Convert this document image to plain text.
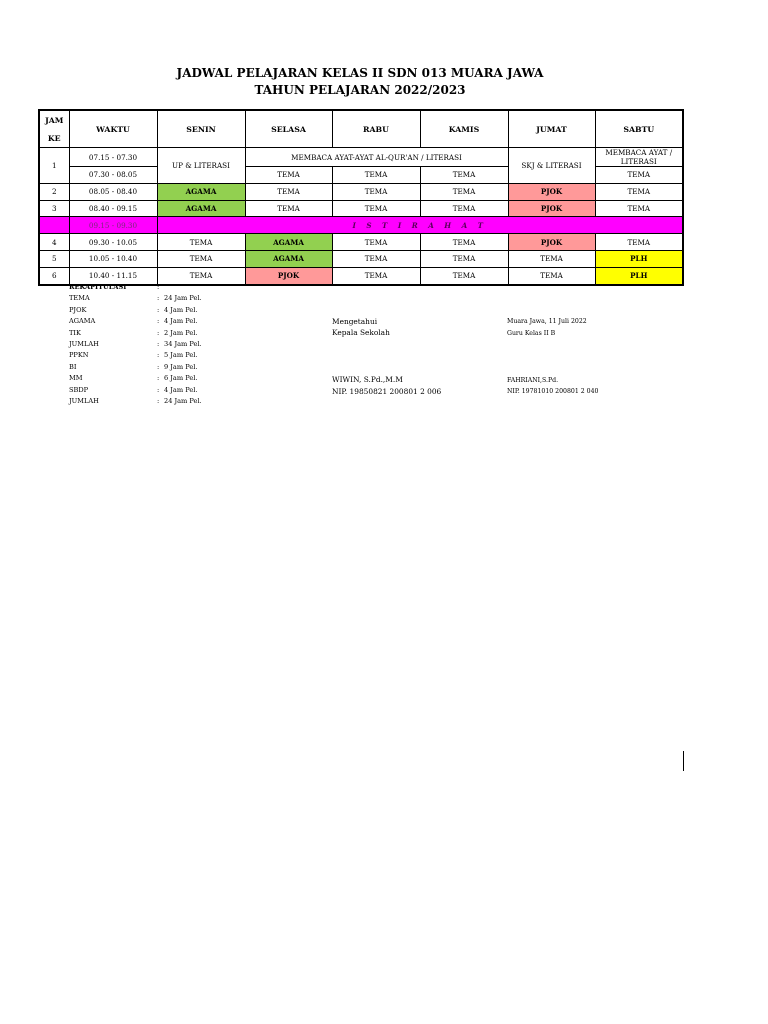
JADWAL PELAJARAN KELAS II SDN 013 MUARA JAWA
TAHUN PELAJARAN 2022/2023
JAM

KE	WAKTU	SENIN	SELASA	RABU	KAMIS	JUMAT	SABTU
1	07.15 - 07.30	UP & LITERASI	MEMBACA AYAT-AYAT AL-QUR'AN / LITERASI			SKJ & LITERASI	MEMBACA AYAT / LITERASI
	07.30 - 08.05		TEMA	TEMA	TEMA		TEMA
2	08.05 - 08.40	AGAMA	TEMA	TEMA	TEMA	PJOK	TEMA
3	08.40 - 09.15	AGAMA	TEMA	TEMA	TEMA	PJOK	TEMA
	09.15 - 09.30	I S T I R A H A T					
4	09.30 - 10.05	TEMA	AGAMA	TEMA	TEMA	PJOK	TEMA
5	10.05 - 10.40	TEMA	AGAMA	TEMA	TEMA	TEMA	PLH
6	10.40 - 11.15	TEMA	PJOK	TEMA	TEMA	TEMA	PLH
REKAPITULASI	:
TEMA	: 24 Jam Pel.
PJOK	: 4 Jam Pel.
AGAMA	: 4 Jam Pel.
TIK	: 2 Jam Pel.
JUMLAH	: 34 Jam Pel.
PPKN	: 5 Jam Pel.
BI	: 9 Jam Pel.
MM	: 6 Jam Pel.
SBDP	: 4 Jam Pel.
JUMLAH	: 24 Jam Pel.
Mengetahui
Kepala Sekolah
WIWIN, S.Pd.,M.M
NIP. 19850821 200801 2 006
Muara Jawa, 11 Juli 2022
Guru Kelas II B
FAHRIANI,S.Pd.
NIP. 19781010 200801 2 040
